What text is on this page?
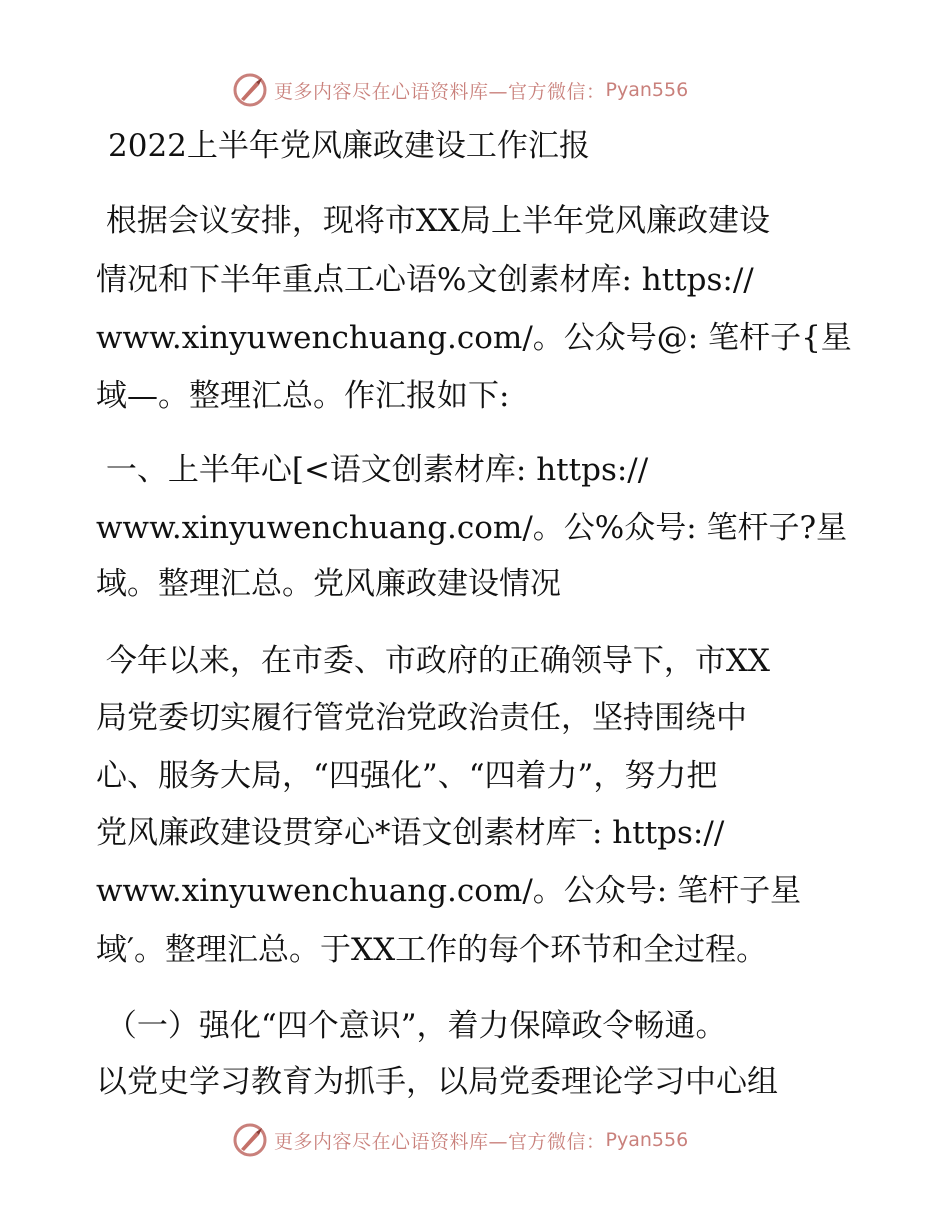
更多内容尽在心语资料库—官方微信： Pyan556
2022上半年党风廉政建设工作汇报
根据会议安排，现将市XX局上半年党风廉政建设
情况和下半年重点工心语%文创素材库: https://
www.xinyuwenchuang.com/。公众号@: 笔杆子{星
域—。整理汇总。作汇报如下:
一、上半年心[<语文创素材库: https://
www.xinyuwenchuang.com/。公%众号: 笔杆子?星
域。整理汇总。党风廉政建设情况
今年以来，在市委、市政府的正确领导下，市XX
局党委切实履行管党治党政治责任，坚持围绕中
心、服务大局，“四强化”、“四着力”，努力把
党风廉政建设贯穿心*语文创素材库‾: https://
www.xinyuwenchuang.com/。公众号: 笔杆子星
域′。整理汇总。于XX工作的每个环节和全过程。
（一）强化“四个意识”，着力保障政令畅通。
以党史学习教育为抓手，以局党委理论学习中心组
更多内容尽在心语资料库—官方微信： Pyan556
